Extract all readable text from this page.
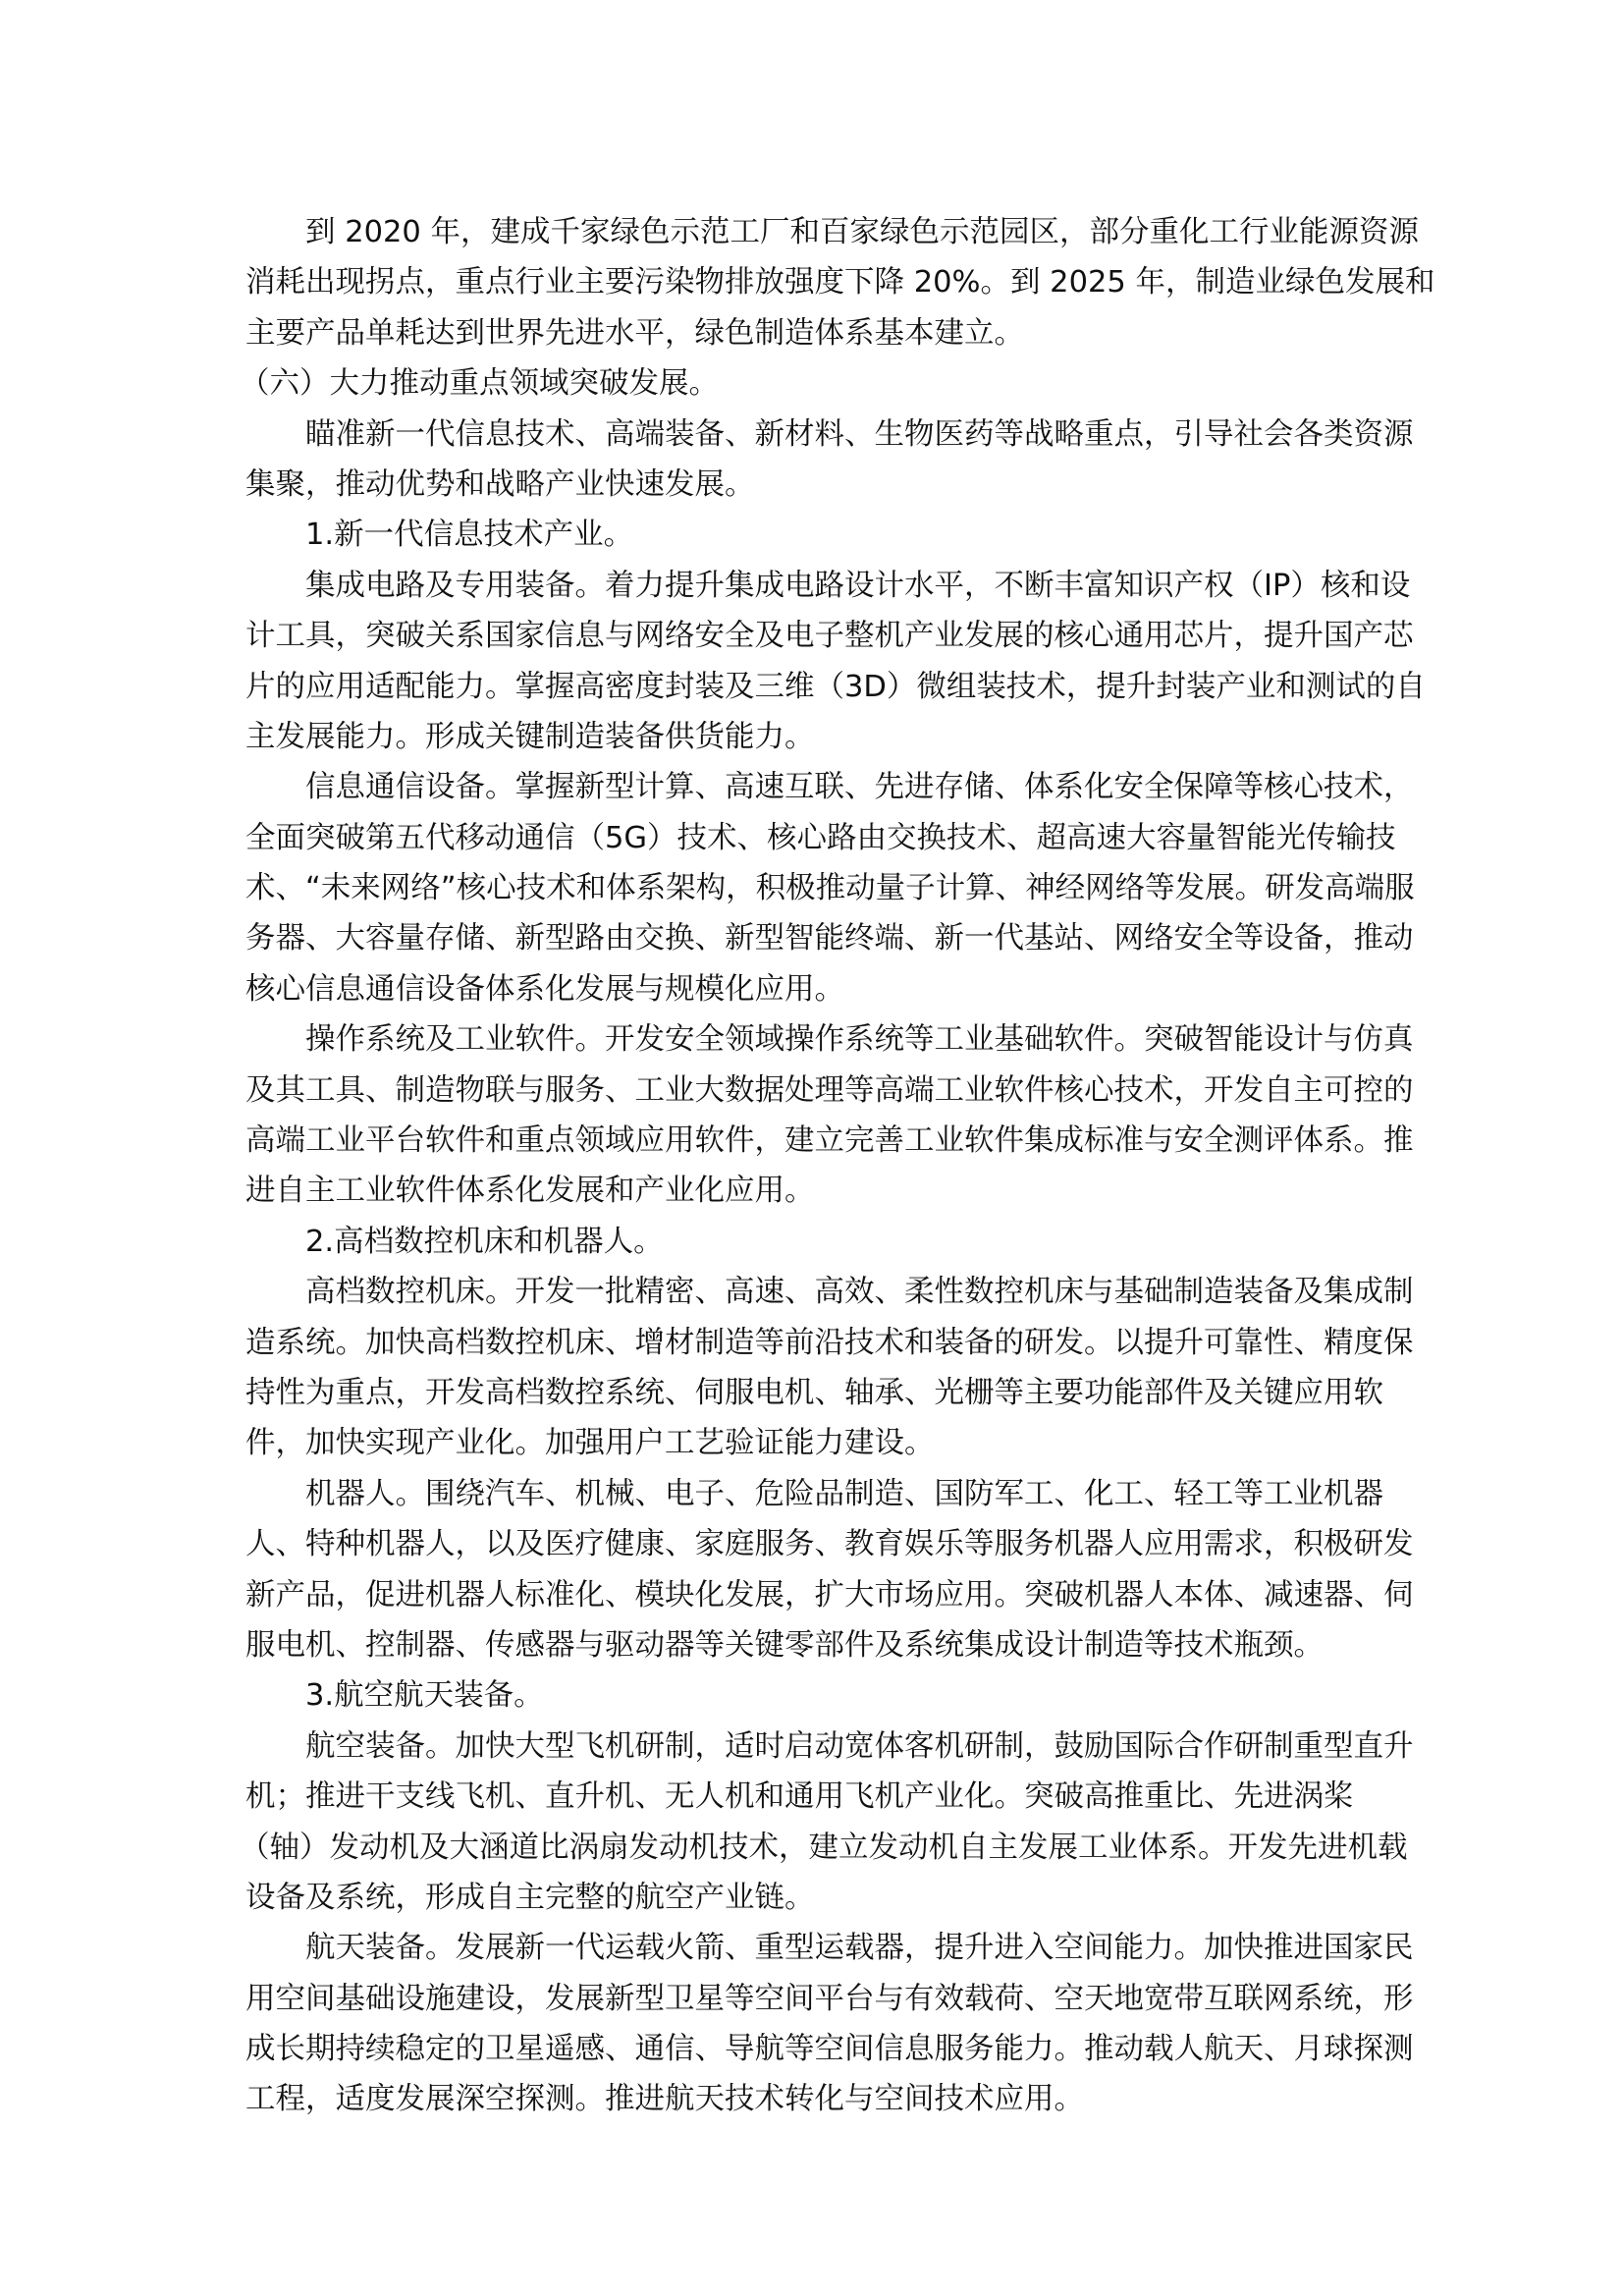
到 2020 年，建成千家绿色示范工厂和百家绿色示范园区，部分重化工行业能源资源
消耗出现拐点，重点行业主要污染物排放强度下降 20%。到 2025 年，制造业绿色发展和
主要产品单耗达到世界先进水平，绿色制造体系基本建立。
（六）大力推动重点领域突破发展。
瞄准新一代信息技术、高端装备、新材料、生物医药等战略重点，引导社会各类资源
集聚，推动优势和战略产业快速发展。
1.新一代信息技术产业。
集成电路及专用装备。着力提升集成电路设计水平，不断丰富知识产权（IP）核和设
计工具，突破关系国家信息与网络安全及电子整机产业发展的核心通用芯片，提升国产芯
片的应用适配能力。掌握高密度封装及三维（3D）微组装技术，提升封装产业和测试的自
主发展能力。形成关键制造装备供货能力。
信息通信设备。掌握新型计算、高速互联、先进存储、体系化安全保障等核心技术，
全面突破第五代移动通信（5G）技术、核心路由交换技术、超高速大容量智能光传输技
术、“未来网络”核心技术和体系架构，积极推动量子计算、神经网络等发展。研发高端服
务器、大容量存储、新型路由交换、新型智能终端、新一代基站、网络安全等设备，推动
核心信息通信设备体系化发展与规模化应用。
操作系统及工业软件。开发安全领域操作系统等工业基础软件。突破智能设计与仿真
及其工具、制造物联与服务、工业大数据处理等高端工业软件核心技术，开发自主可控的
高端工业平台软件和重点领域应用软件，建立完善工业软件集成标准与安全测评体系。推
进自主工业软件体系化发展和产业化应用。
2.高档数控机床和机器人。
高档数控机床。开发一批精密、高速、高效、柔性数控机床与基础制造装备及集成制
造系统。加快高档数控机床、增材制造等前沿技术和装备的研发。以提升可靠性、精度保
持性为重点，开发高档数控系统、伺服电机、轴承、光栅等主要功能部件及关键应用软
件，加快实现产业化。加强用户工艺验证能力建设。
机器人。围绕汽车、机械、电子、危险品制造、国防军工、化工、轻工等工业机器
人、特种机器人，以及医疗健康、家庭服务、教育娱乐等服务机器人应用需求，积极研发
新产品，促进机器人标准化、模块化发展，扩大市场应用。突破机器人本体、减速器、伺
服电机、控制器、传感器与驱动器等关键零部件及系统集成设计制造等技术瓶颈。
3.航空航天装备。
航空装备。加快大型飞机研制，适时启动宽体客机研制，鼓励国际合作研制重型直升
机；推进干支线飞机、直升机、无人机和通用飞机产业化。突破高推重比、先进涡桨
（轴）发动机及大涵道比涡扇发动机技术，建立发动机自主发展工业体系。开发先进机载
设备及系统，形成自主完整的航空产业链。
航天装备。发展新一代运载火箭、重型运载器，提升进入空间能力。加快推进国家民
用空间基础设施建设，发展新型卫星等空间平台与有效载荷、空天地宽带互联网系统，形
成长期持续稳定的卫星遥感、通信、导航等空间信息服务能力。推动载人航天、月球探测
工程，适度发展深空探测。推进航天技术转化与空间技术应用。
